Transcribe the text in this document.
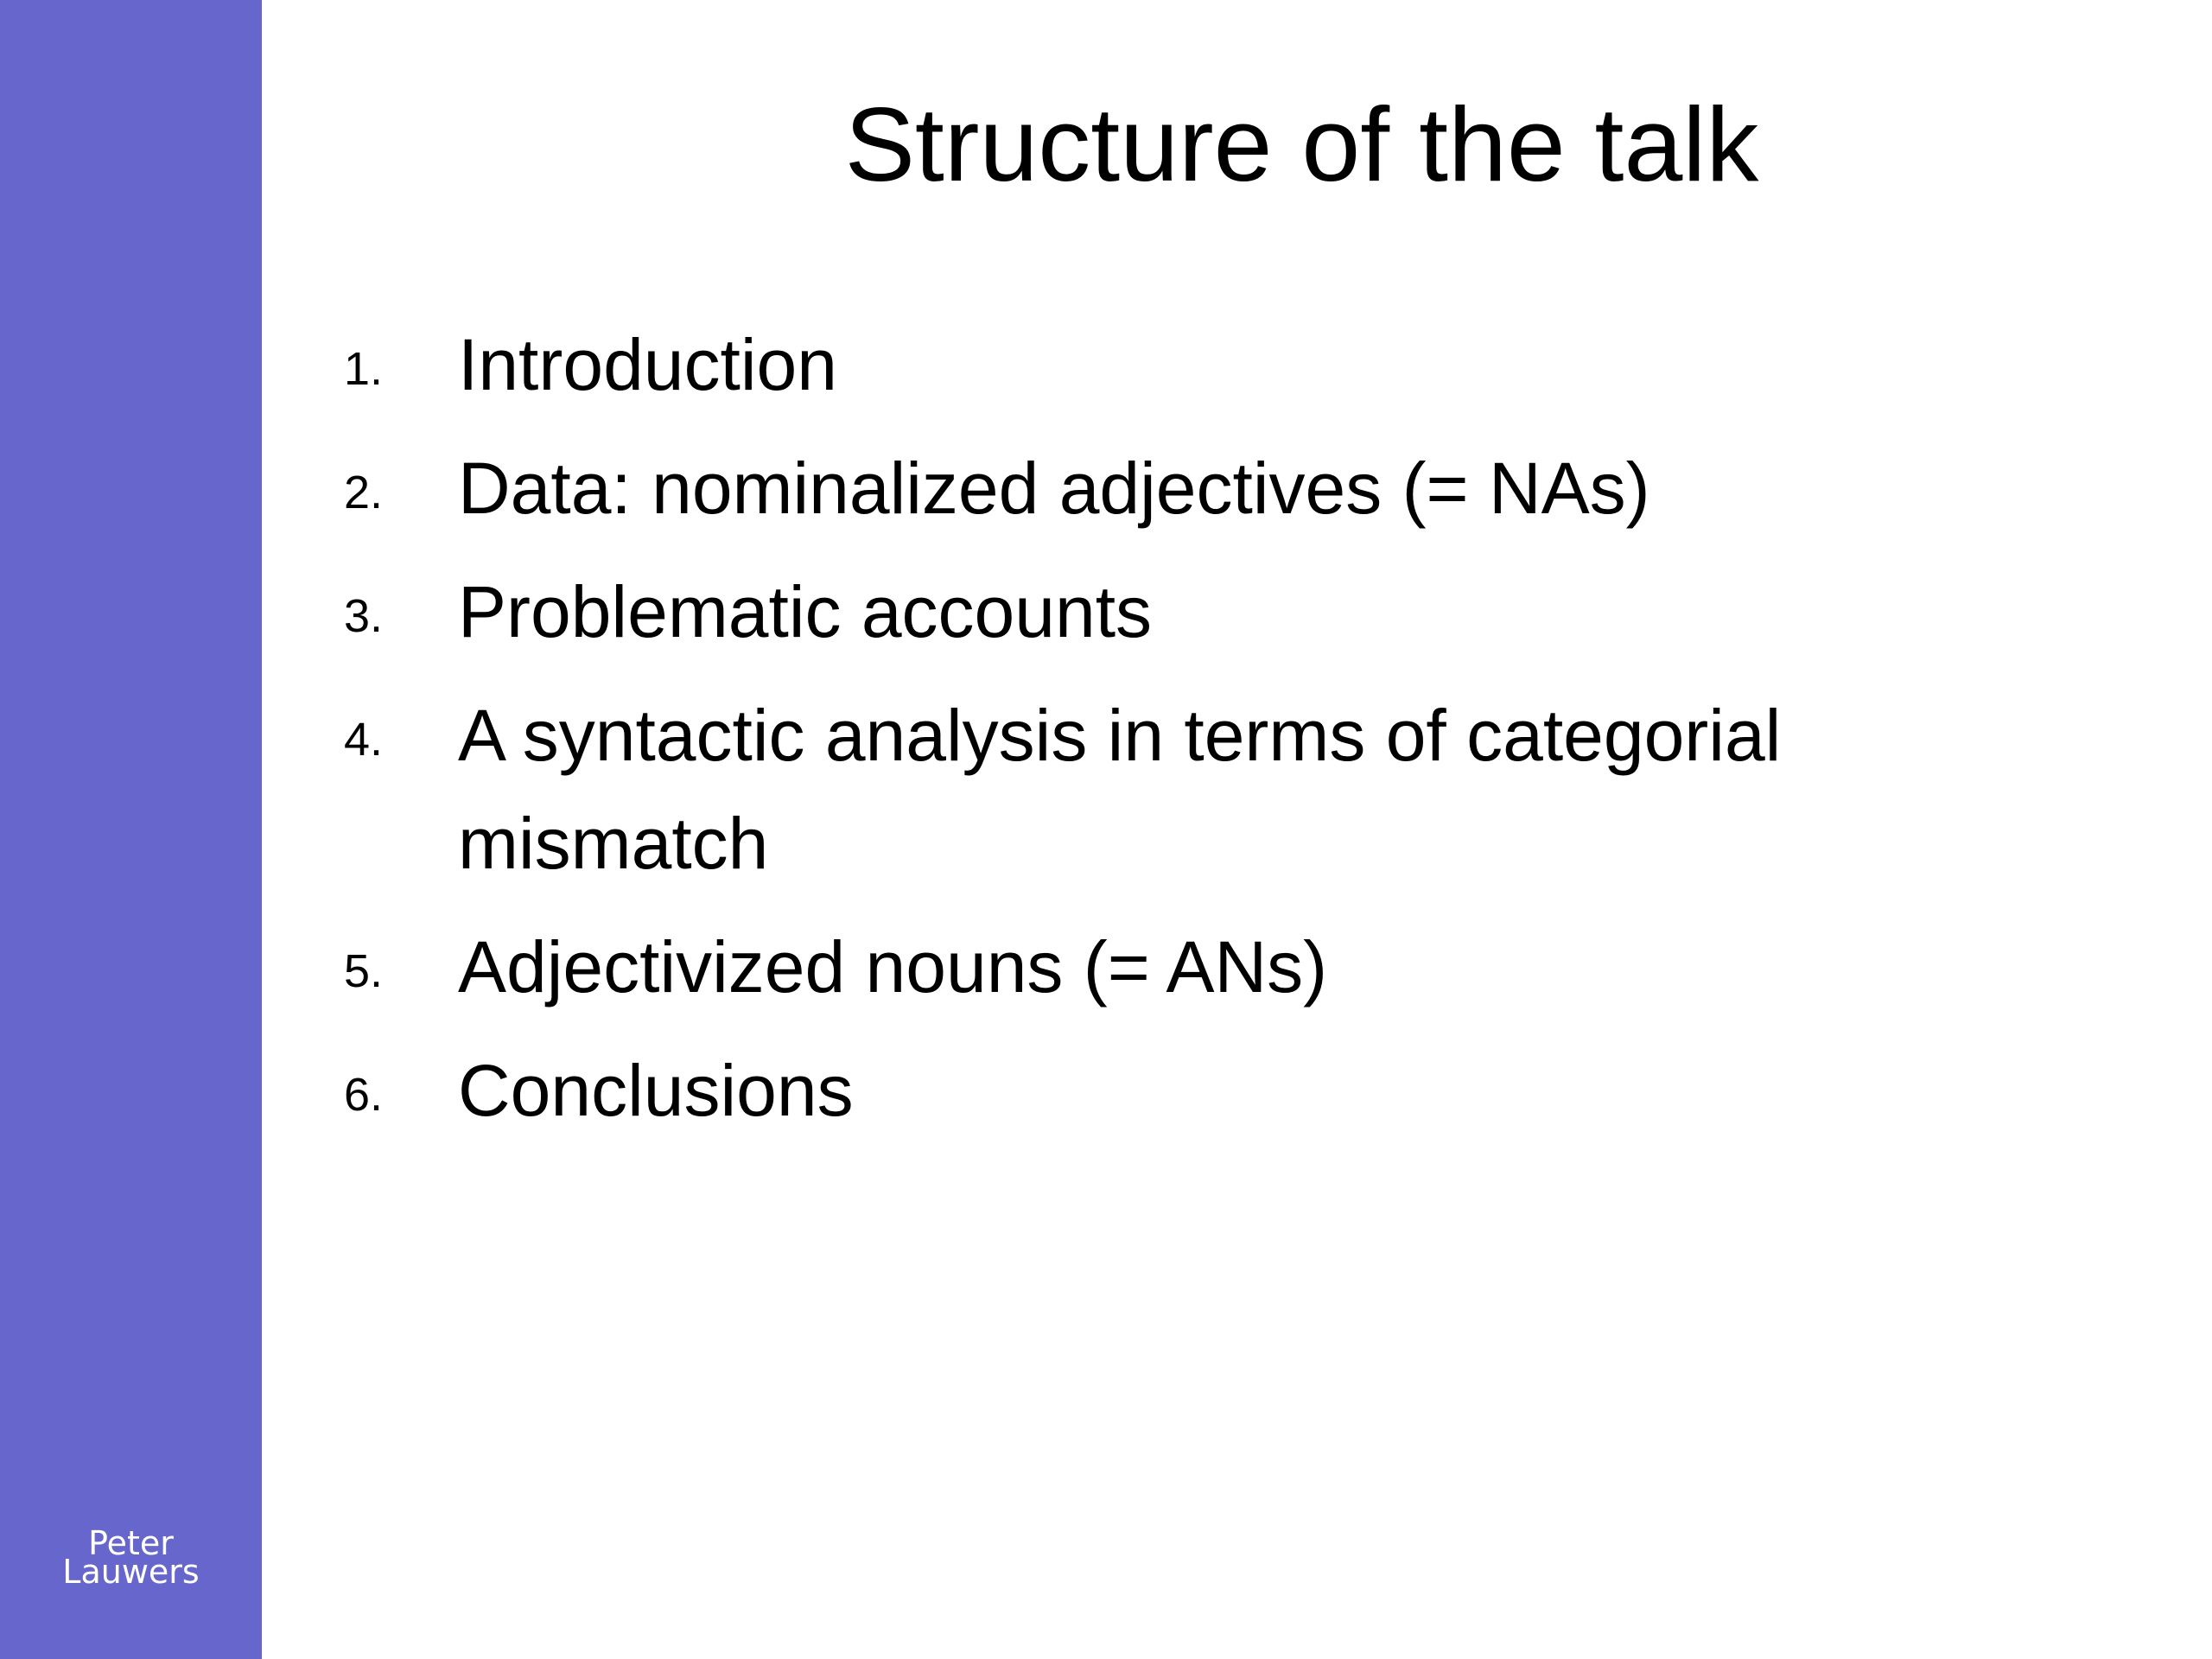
Peter
Lauwers
Structure of the talk
1. Introduction
2. Data: nominalized adjectives (= NAs)
3. Problematic accounts
4. A syntactic analysis in terms of categorial mismatch
5. Adjectivized nouns (= ANs)
6. Conclusions
